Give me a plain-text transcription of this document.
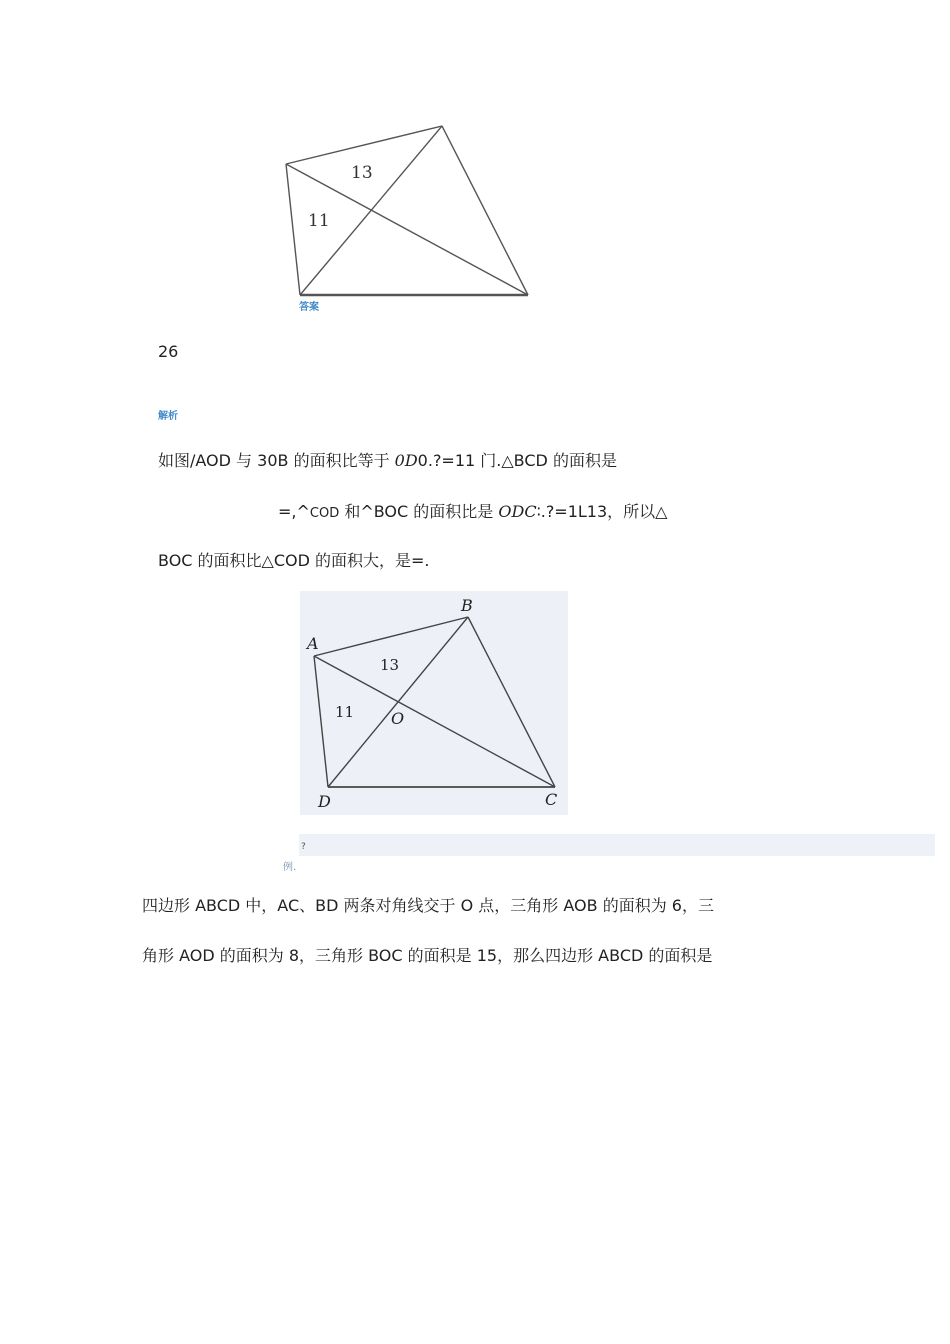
13
11
答案
26
解析
如图/AOD 与 30B 的面积比等于 0D0.?=11 门.△BCD 的面积是
=,^COD 和^BOC 的面积比是 ODC∶.?=1L13，所以△
BOC 的面积比△COD 的面积大，是=.
A
B
C
D
O
13
11
?
例.
四边形 ABCD 中，AC、BD 两条对角线交于 O 点，三角形 AOB 的面积为 6，三
角形 AOD 的面积为 8，三角形 BOC 的面积是 15，那么四边形 ABCD 的面积是
